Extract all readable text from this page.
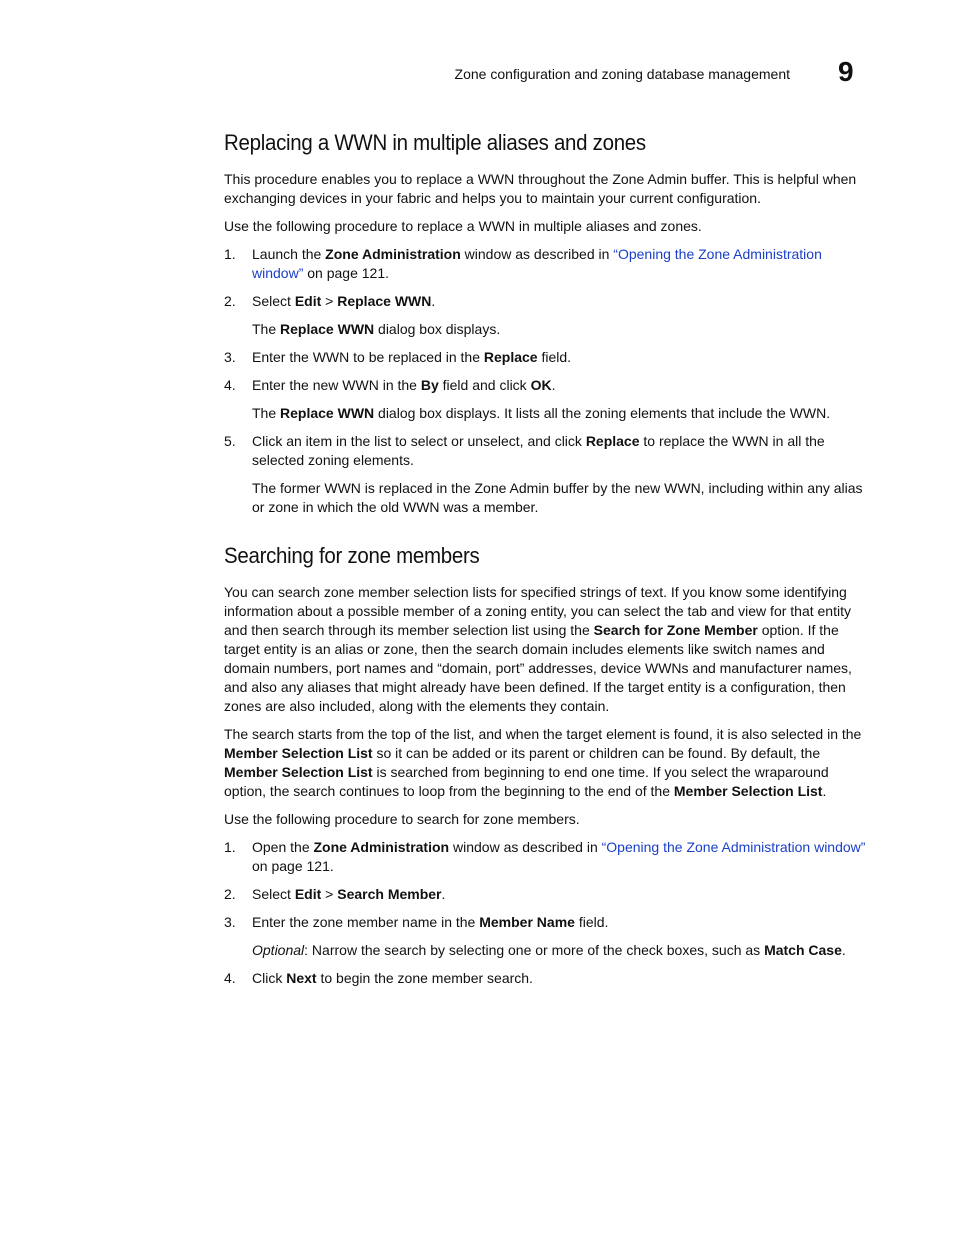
Zone configuration and zoning database management 9
Replacing a WWN in multiple aliases and zones

This procedure enables you to replace a WWN throughout the Zone Admin buffer. This is helpful when exchanging devices in your fabric and helps you to maintain your current configuration.

Use the following procedure to replace a WWN in multiple aliases and zones.

1. Launch the Zone Administration window as described in “Opening the Zone Administration window” on page 121.
2. Select Edit > Replace WWN.
The Replace WWN dialog box displays.
3. Enter the WWN to be replaced in the Replace field.
4. Enter the new WWN in the By field and click OK.
The Replace WWN dialog box displays. It lists all the zoning elements that include the WWN.
5. Click an item in the list to select or unselect, and click Replace to replace the WWN in all the selected zoning elements.
The former WWN is replaced in the Zone Admin buffer by the new WWN, including within any alias or zone in which the old WWN was a member.
Searching for zone members

You can search zone member selection lists for specified strings of text. If you know some identifying information about a possible member of a zoning entity, you can select the tab and view for that entity and then search through its member selection list using the Search for Zone Member option. If the target entity is an alias or zone, then the search domain includes elements like switch names and domain numbers, port names and “domain, port” addresses, device WWNs and manufacturer names, and also any aliases that might already have been defined. If the target entity is a configuration, then zones are also included, along with the elements they contain.

The search starts from the top of the list, and when the target element is found, it is also selected in the Member Selection List so it can be added or its parent or children can be found. By default, the Member Selection List is searched from beginning to end one time. If you select the wraparound option, the search continues to loop from the beginning to the end of the Member Selection List.

Use the following procedure to search for zone members.

1. Open the Zone Administration window as described in “Opening the Zone Administration window” on page 121.
2. Select Edit > Search Member.
3. Enter the zone member name in the Member Name field.
Optional: Narrow the search by selecting one or more of the check boxes, such as Match Case.
4. Click Next to begin the zone member search.
